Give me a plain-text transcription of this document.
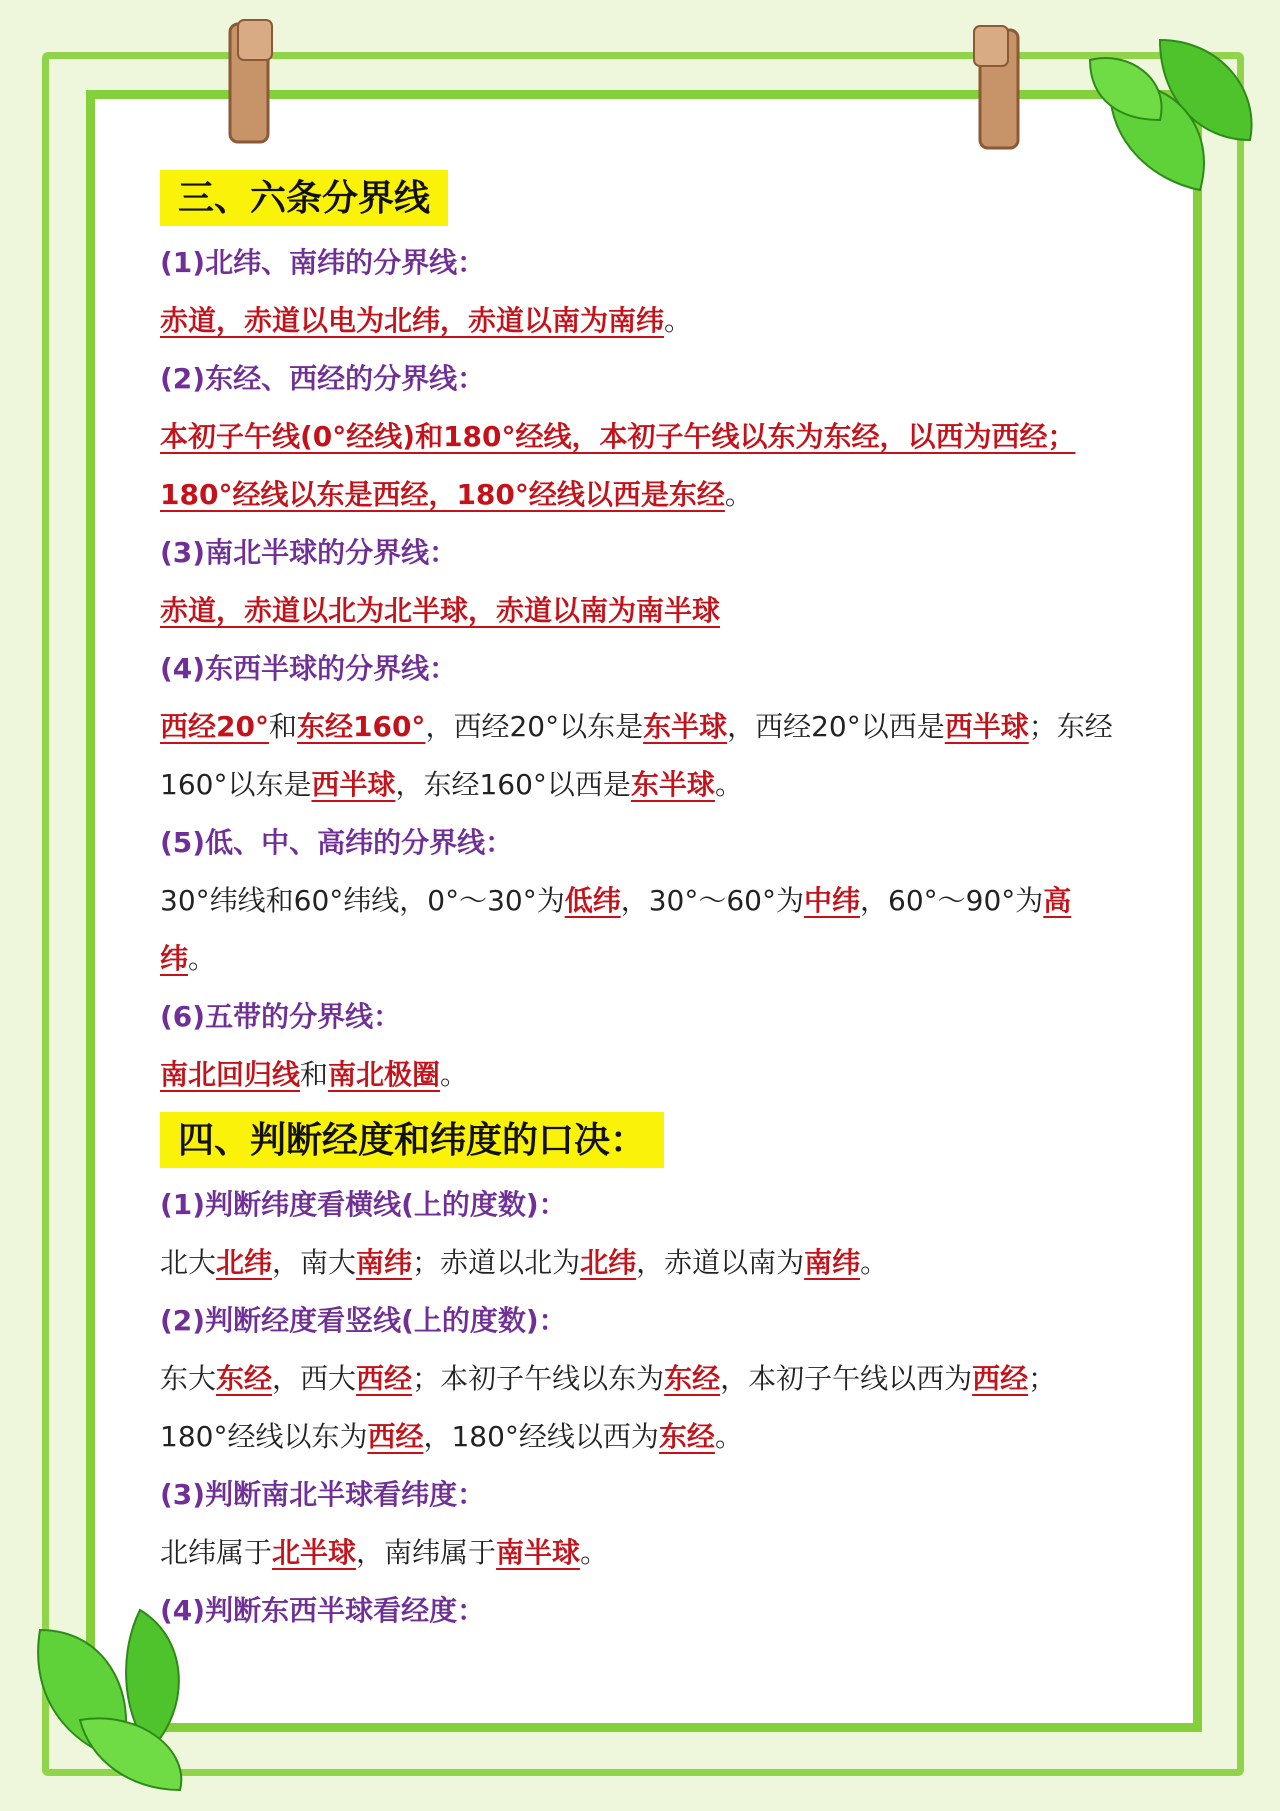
三、六条分界线
(1)北纬、南纬的分界线：
赤道，赤道以电为北纬，赤道以南为南纬。
(2)东经、西经的分界线：
本初子午线(0°经线)和180°经线，本初子午线以东为东经，以西为西经；180°经线以东是西经，180°经线以西是东经。
(3)南北半球的分界线：
赤道，赤道以北为北半球，赤道以南为南半球
(4)东西半球的分界线：
西经20°和东经160°，西经20°以东是东半球，西经20°以西是西半球；东经160°以东是西半球，东经160°以西是东半球。
(5)低、中、高纬的分界线：
30°纬线和60°纬线，0°～30°为低纬，30°～60°为中纬，60°～90°为高纬。
(6)五带的分界线：
南北回归线和南北极圈。
四、判断经度和纬度的口决：
(1)判断纬度看横线(上的度数)：
北大北纬，南大南纬；赤道以北为北纬，赤道以南为南纬。
(2)判断经度看竖线(上的度数)：
东大东经，西大西经；本初子午线以东为东经，本初子午线以西为西经；180°经线以东为西经，180°经线以西为东经。
(3)判断南北半球看纬度：
北纬属于北半球，南纬属于南半球。
(4)判断东西半球看经度：
